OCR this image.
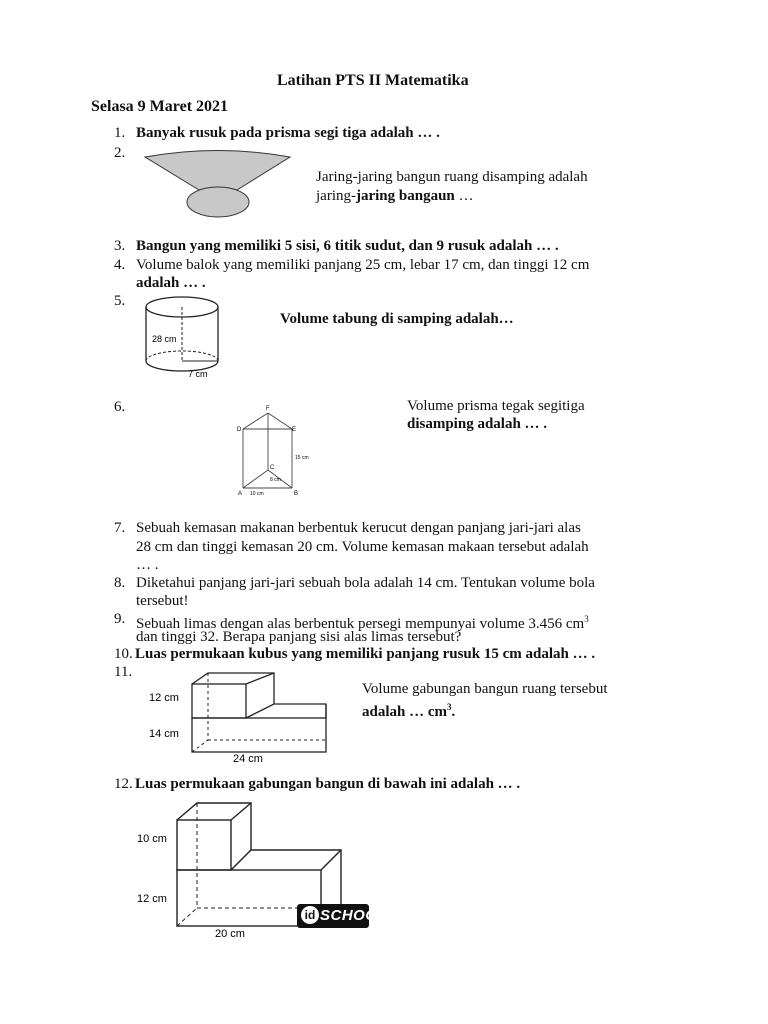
Latihan PTS II Matematika
Selasa 9 Maret 2021
1. Banyak rusuk pada prisma segi tiga adalah … .
2.
Jaring-jaring bangun ruang disamping adalah
jaring-jaring bangaun …
3. Bangun yang memiliki 5 sisi, 6 titik sudut, dan 9 rusuk adalah … .
4. Volume balok yang memiliki panjang 25 cm, lebar 17 cm, dan tinggi 12 cm
adalah … .
5.
28 cm
7 cm
Volume tabung di samping adalah…
6.	F
D	E
C
15 cm
8 cm
A 10 cm	B
Volume prisma tegak segitiga
disamping adalah … .
7. Sebuah kemasan makanan berbentuk kerucut dengan panjang jari-jari alas
28 cm dan tinggi kemasan 20 cm. Volume kemasan makaan tersebut adalah
… .
8. Diketahui panjang jari-jari sebuah bola adalah 14 cm. Tentukan volume bola
tersebut!
9. Sebuah limas dengan alas berbentuk persegi mempunyai volume 3.456 $cm^3$
dan tinggi 32. Berapa panjang sisi alas limas tersebut?
10. Luas permukaan kubus yang memiliki panjang rusuk 15 cm adalah … .
11.
12 cm
14 cm
24 cm
Volume gabungan bangun ruang tersebut
adalah … $cm^3$.
12. Luas permukaan gabungan bangun di bawah ini adalah … .
10 cm
12 cm
20 cm
id SCHOOL
